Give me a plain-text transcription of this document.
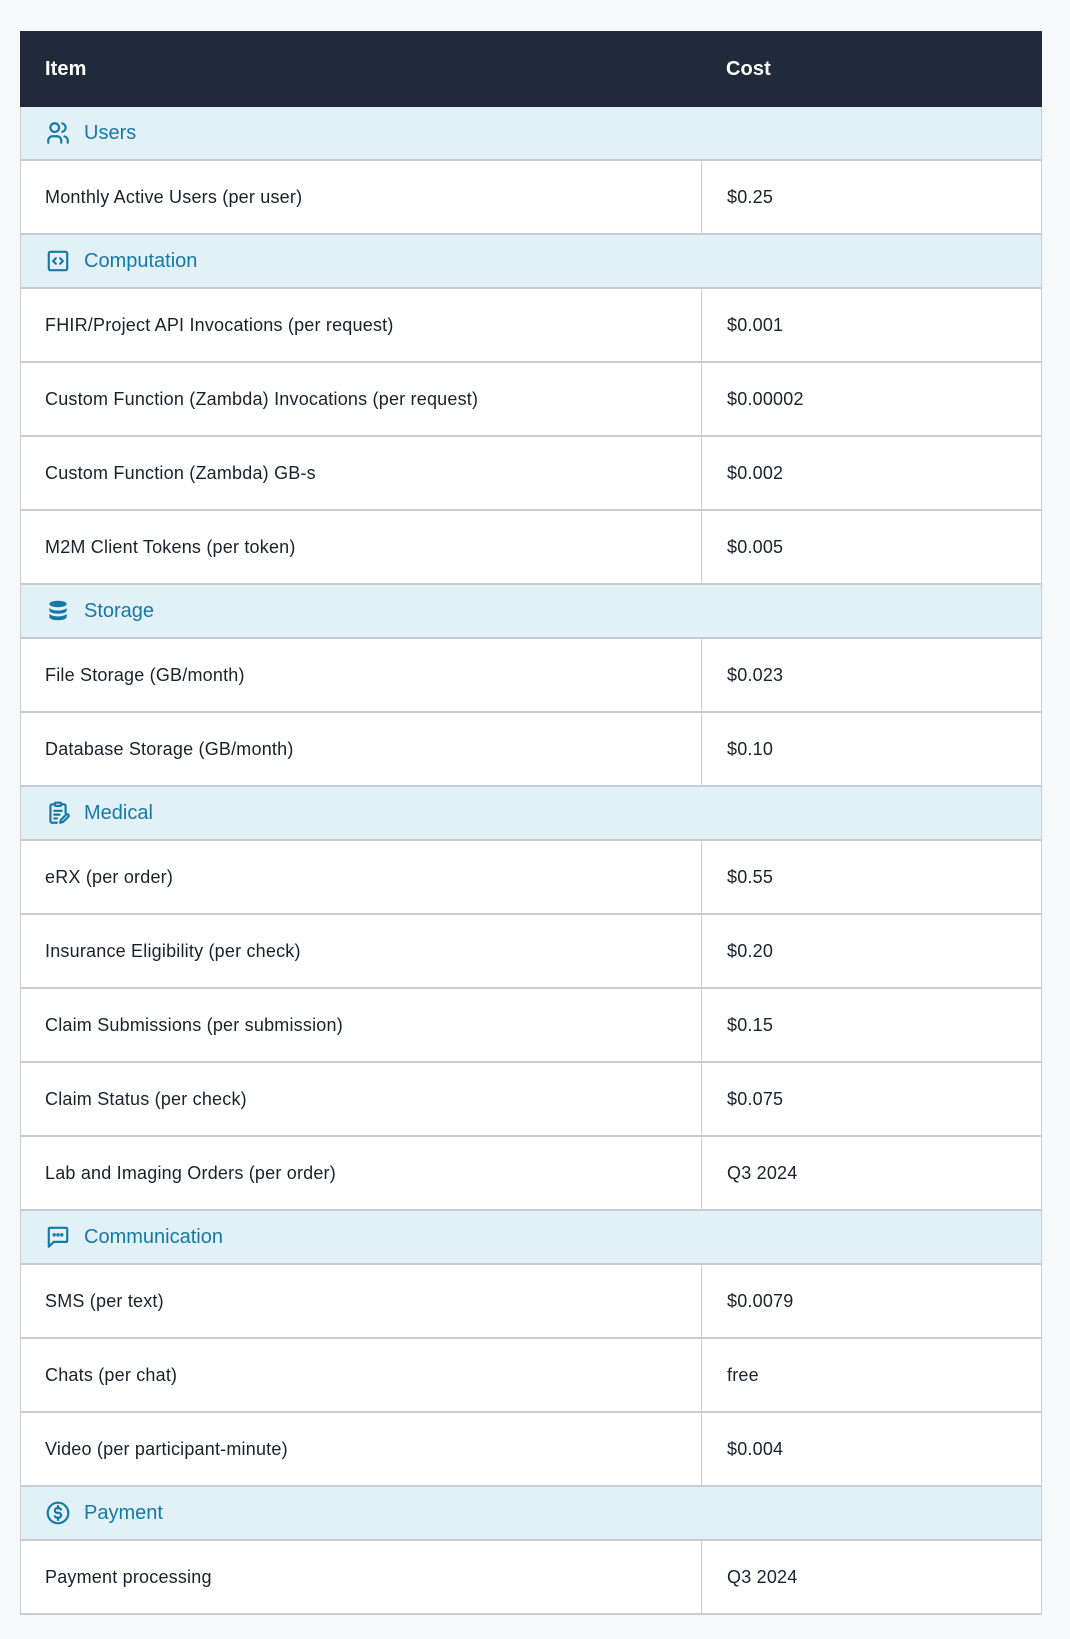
Item	Cost

Users	

Monthly Active Users (per user)	$0.25

Computation	

FHIR/Project API Invocations (per request)	$0.001
Custom Function (Zambda) Invocations (per request)	$0.00002
Custom Function (Zambda) GB-s	$0.002
M2M Client Tokens (per token)	$0.005

Storage	

File Storage (GB/month)	$0.023
Database Storage (GB/month)	$0.10

Medical	

eRX (per order)	$0.55
Insurance Eligibility (per check)	$0.20
Claim Submissions (per submission)	$0.15
Claim Status (per check)	$0.075
Lab and Imaging Orders (per order)	Q3 2024

Communication	

SMS (per text)	$0.0079
Chats (per chat)	free
Video (per participant-minute)	$0.004

Payment	

Payment processing	Q3 2024
